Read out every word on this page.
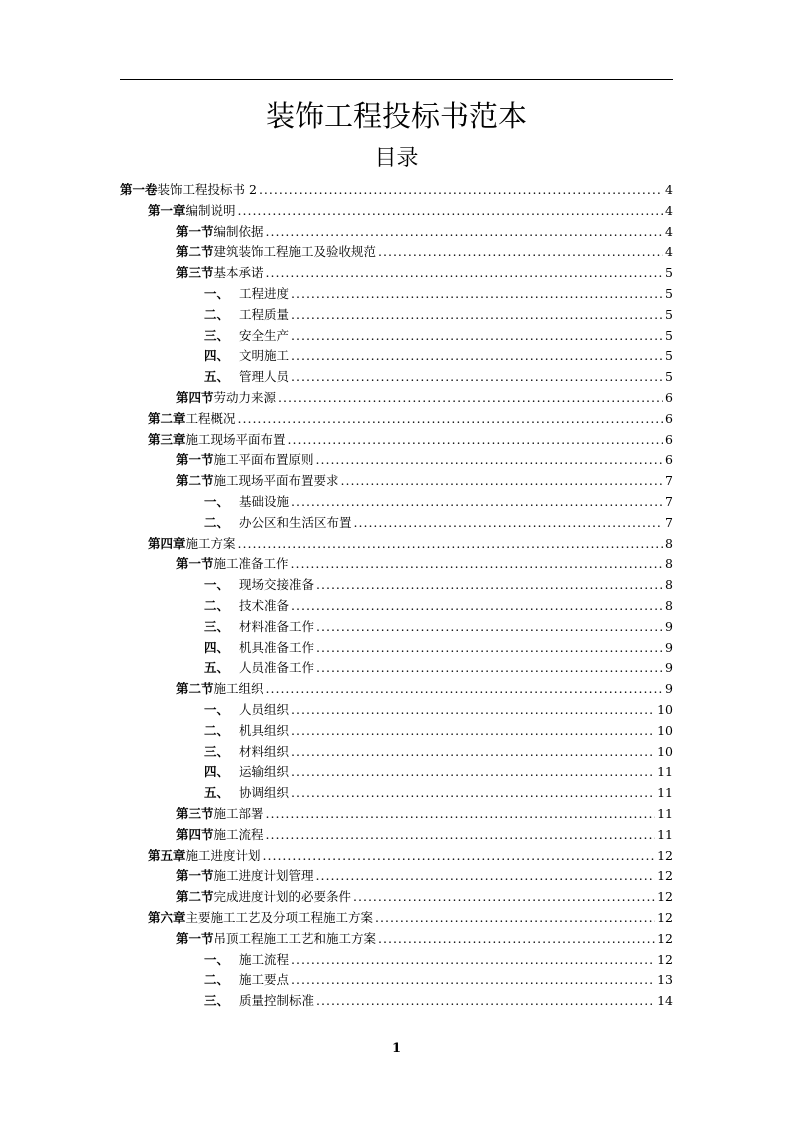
装饰工程投标书范本
目录
第一卷 装饰工程投标书 2 .....	4
第一章 编制说明 .....	4
第一节 编制依据 .....	4
第二节 建筑装饰工程施工及验收规范 .....	4
第三节 基本承诺 .....	5
一、 工程进度 .....	5
二、 工程质量 .....	5
三、 安全生产 .....	5
四、 文明施工 .....	5
五、 管理人员 .....	5
第四节 劳动力来源 .....	6
第二章 工程概况 .....	6
第三章 施工现场平面布置 .....	6
第一节 施工平面布置原则 .....	6
第二节 施工现场平面布置要求 .....	7
一、 基础设施 .....	7
二、 办公区和生活区布置 .....	7
第四章 施工方案 .....	8
第一节 施工准备工作 .....	8
一、 现场交接准备 .....	8
二、 技术准备 .....	8
三、 材料准备工作 .....	9
四、 机具准备工作 .....	9
五、 人员准备工作 .....	9
第二节 施工组织 .....	9
一、 人员组织 .....	10
二、 机具组织 .....	10
三、 材料组织 .....	10
四、 运输组织 .....	11
五、 协调组织 .....	11
第三节 施工部署 .....	11
第四节 施工流程 .....	11
第五章 施工进度计划 .....	12
第一节 施工进度计划管理 .....	12
第二节 完成进度计划的必要条件 .....	12
第六章 主要施工工艺及分项工程施工方案 .....	12
第一节 吊顶工程施工工艺和施工方案 .....	12
一、 施工流程 .....	12
二、 施工要点 .....	13
三、 质量控制标准 .....	14
1
